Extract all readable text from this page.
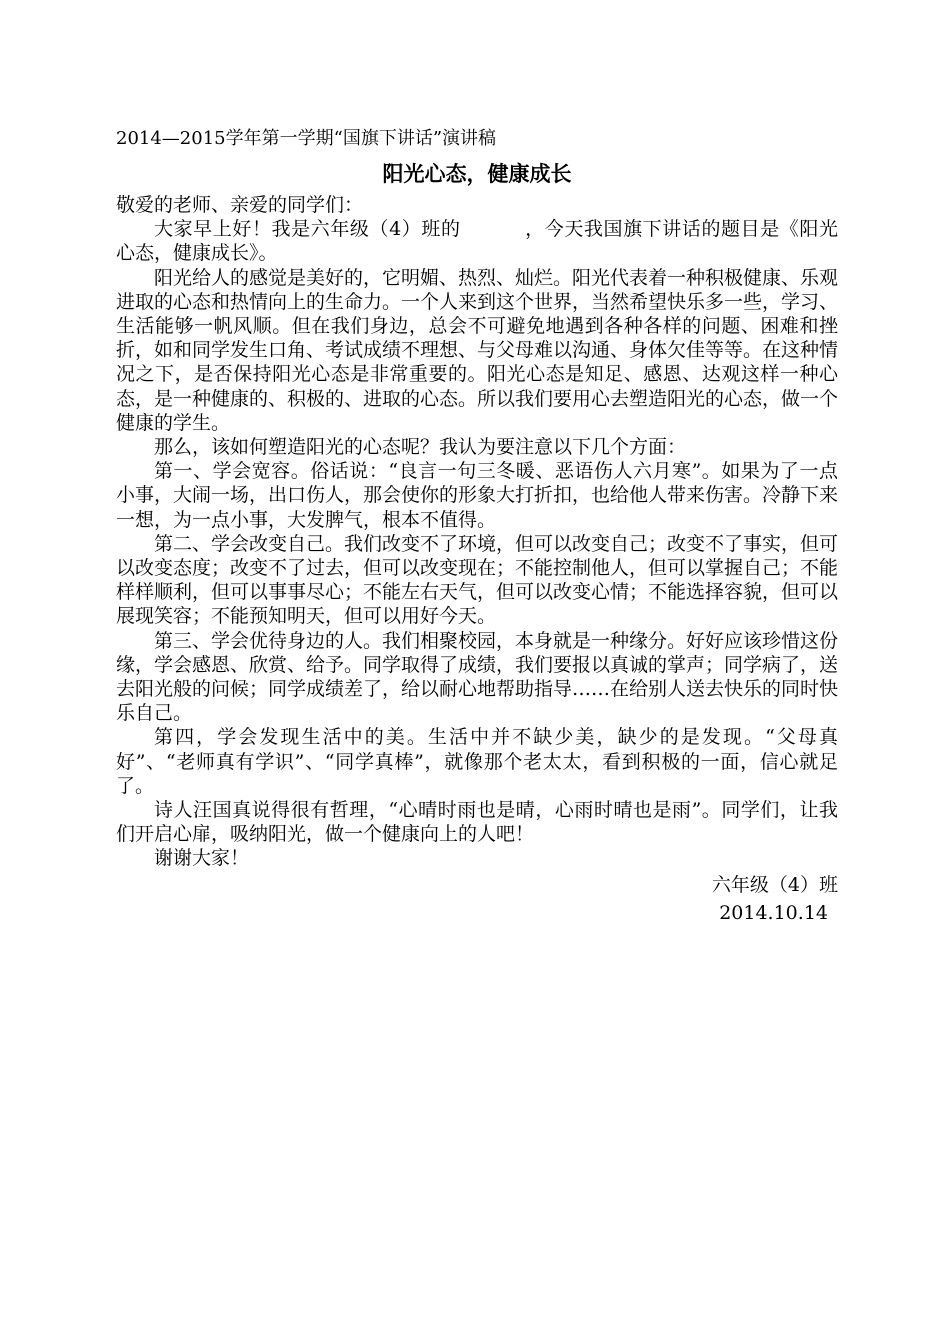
2014—2015学年第一学期“国旗下讲话”演讲稿
阳光心态，健康成长

敬爱的老师、亲爱的同学们：

大家早上好！我是六年级（4）班的	，今天我国旗下讲话的题目是《阳光心态，健康成长》。

阳光给人的感觉是美好的，它明媚、热烈、灿烂。阳光代表着一种积极健康、乐观进取的心态和热情向上的生命力。一个人来到这个世界，当然希望快乐多一些，学习、生活能够一帆风顺。但在我们身边，总会不可避免地遇到各种各样的问题、困难和挫折，如和同学发生口角、考试成绩不理想、与父母难以沟通、身体欠佳等等。在这种情况之下，是否保持阳光心态是非常重要的。阳光心态是知足、感恩、达观这样一种心态，是一种健康的、积极的、进取的心态。所以我们要用心去塑造阳光的心态，做一个健康的学生。

那么，该如何塑造阳光的心态呢？我认为要注意以下几个方面：

第一、学会宽容。俗话说：“良言一句三冬暖、恶语伤人六月寒”。如果为了一点小事，大闹一场，出口伤人，那会使你的形象大打折扣，也给他人带来伤害。冷静下来一想，为一点小事，大发脾气，根本不值得。

第二、学会改变自己。我们改变不了环境，但可以改变自己；改变不了事实，但可以改变态度；改变不了过去，但可以改变现在；不能控制他人，但可以掌握自己；不能样样顺利，但可以事事尽心；不能左右天气，但可以改变心情；不能选择容貌，但可以展现笑容；不能预知明天，但可以用好今天。

第三、学会优待身边的人。我们相聚校园，本身就是一种缘分。好好应该珍惜这份缘，学会感恩、欣赏、给予。同学取得了成绩，我们要报以真诚的掌声；同学病了，送去阳光般的问候；同学成绩差了，给以耐心地帮助指导……在给别人送去快乐的同时快乐自己。

第四，学会发现生活中的美。生活中并不缺少美，缺少的是发现。“父母真好”、“老师真有学识”、“同学真棒”，就像那个老太太，看到积极的一面，信心就足了。

诗人汪国真说得很有哲理，“心晴时雨也是晴，心雨时晴也是雨”。同学们，让我们开启心扉，吸纳阳光，做一个健康向上的人吧！

谢谢大家！

六年级（4）班
2014.10.14
